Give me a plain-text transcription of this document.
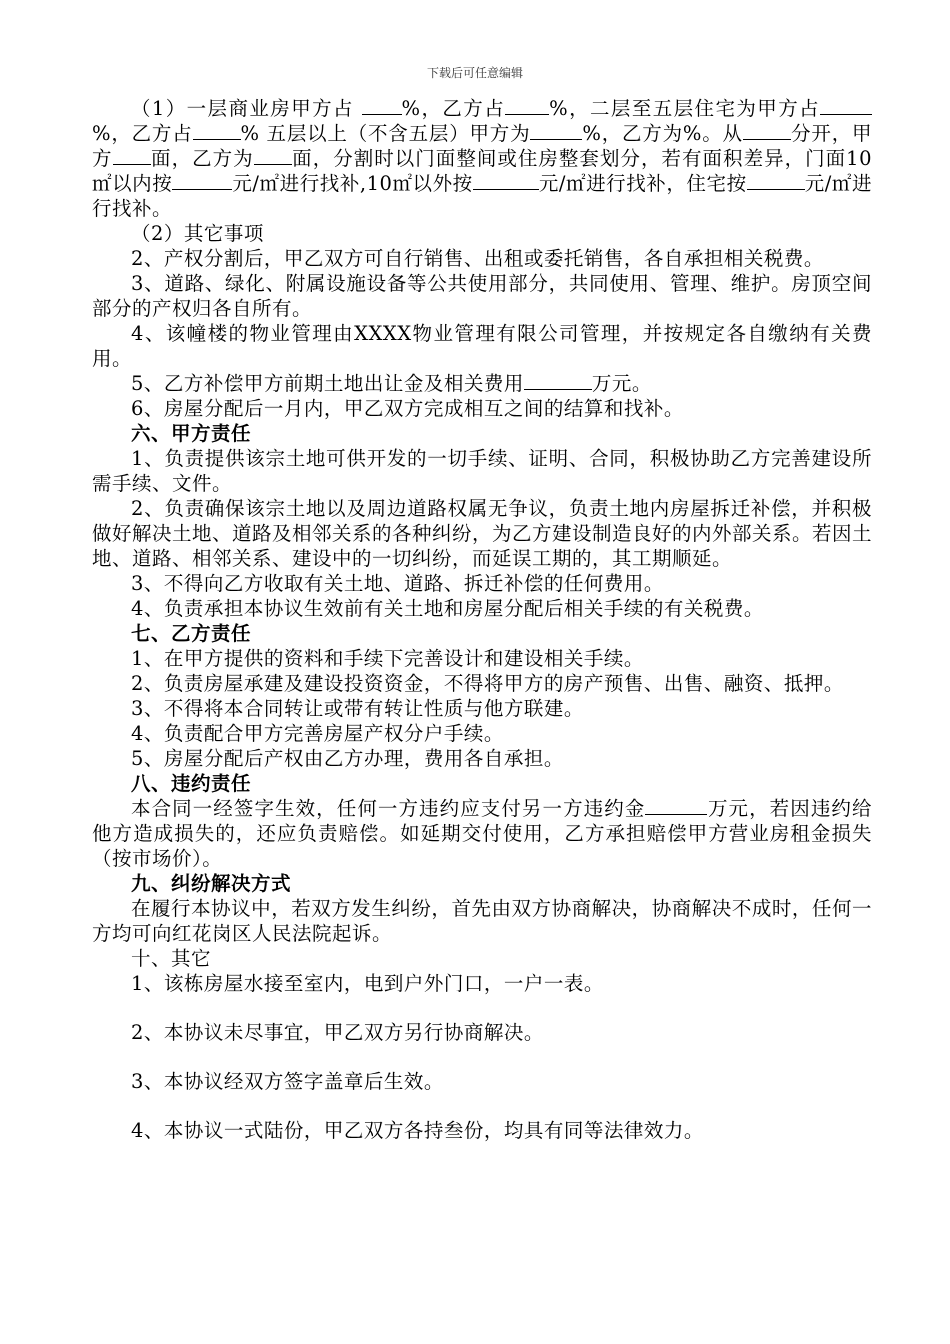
下载后可任意编辑

（1）一层商业房甲方占 %，乙方占 %，二层至五层住宅为甲方占%，乙方占 % 五层以上（不含五层）甲方为	%，乙方为%。从 分开，甲方 面，乙方为 面，分割时以门面整间或住房整套划分，若有面积差异，门面10㎡以内按	元/㎡进行找补,10㎡以外按	元/㎡进行找补，住宅按	元/㎡进行找补。

（2）其它事项

2、产权分割后，甲乙双方可自行销售、出租或委托销售，各自承担相关税费。

3、道路、绿化、附属设施设备等公共使用部分，共同使用、管理、维护。房顶空间部分的产权归各自所有。

4、该幢楼的物业管理由XXXX物业管理有限公司管理，并按规定各自缴纳有关费用。

5、乙方补偿甲方前期土地出让金及相关费用	万元。

6、房屋分配后一月内，甲乙双方完成相互之间的结算和找补。

六、甲方责任

1、负责提供该宗土地可供开发的一切手续、证明、合同，积极协助乙方完善建设所需手续、文件。

2、负责确保该宗土地以及周边道路权属无争议，负责土地内房屋拆迁补偿，并积极做好解决土地、道路及相邻关系的各种纠纷，为乙方建设制造良好的内外部关系。若因土地、道路、相邻关系、建设中的一切纠纷，而延误工期的，其工期顺延。

3、不得向乙方收取有关土地、道路、拆迁补偿的任何费用。

4、负责承担本协议生效前有关土地和房屋分配后相关手续的有关税费。

七、乙方责任

1、在甲方提供的资料和手续下完善设计和建设相关手续。

2、负责房屋承建及建设投资资金，不得将甲方的房产预售、出售、融资、抵押。

3、不得将本合同转让或带有转让性质与他方联建。

4、负责配合甲方完善房屋产权分户手续。

5、房屋分配后产权由乙方办理，费用各自承担。

八、违约责任

本合同一经签字生效，任何一方违约应支付另一方违约金	万元，若因违约给他方造成损失的，还应负责赔偿。如延期交付使用，乙方承担赔偿甲方营业房租金损失（按市场价）。

九、纠纷解决方式

在履行本协议中，若双方发生纠纷，首先由双方协商解决，协商解决不成时，任何一方均可向红花岗区人民法院起诉。

十、其它

1、该栋房屋水接至室内，电到户外门口，一户一表。

2、本协议未尽事宜，甲乙双方另行协商解决。

3、本协议经双方签字盖章后生效。

4、本协议一式陆份，甲乙双方各持叁份，均具有同等法律效力。
